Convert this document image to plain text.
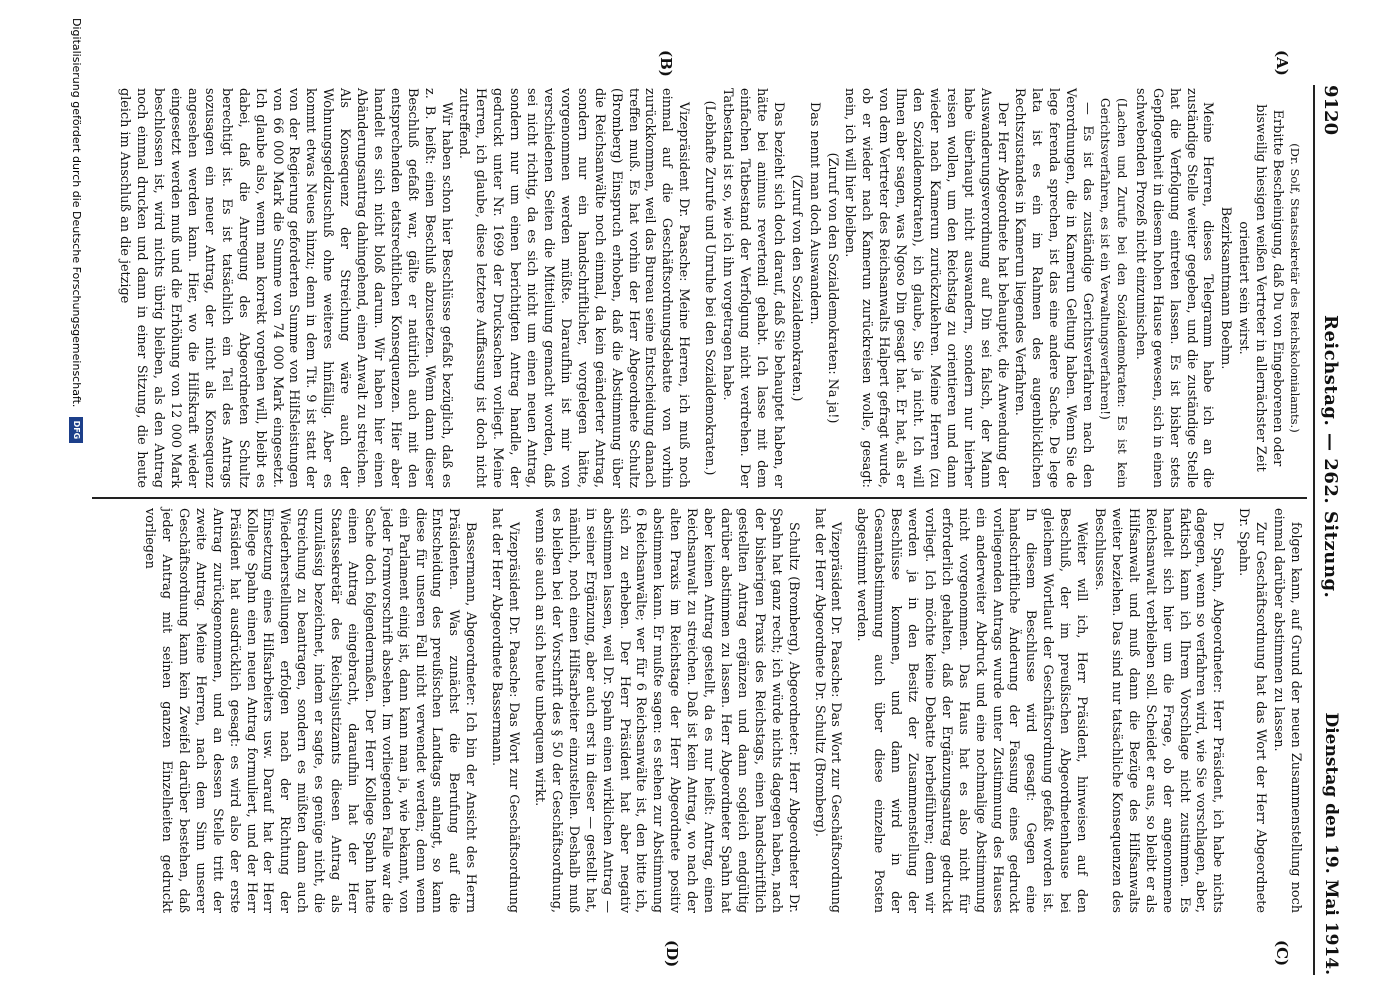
9120
Reichstag. — 262. Sitzung.
Dienstag den 19. Mai 1914.
(A)
(B)
(C)
(D)

(Dr. Solf, Staatssekretär des Reichskolonialamts.)

Erbitte Bescheinigung, daß Du von Eingeborenen oder bisweilig hiesigen weißen Vertreter in allernächster Zeit orientiert sein wirst.

Bezirksamtmann Boehm.

Meine Herren, dieses Telegramm habe ich an die zuständige Stelle weiter gegeben, und die zuständige Stelle hat die Verfolgung eintreten lassen. Es ist bisher stets Gepflogenheit in diesem hohen Hause gewesen, sich in einen schwebenden Prozeß nicht einzumischen.

(Lachen und Zurufe bei den Sozialdemokraten: Es ist kein Gerichtsverfahren, es ist ein Verwaltungsverfahren!)

— Es ist das zuständige Gerichtsverfahren nach den Verordnungen, die in Kamerun Geltung haben. Wenn Sie de lege ferenda sprechen, ist das eine andere Sache. De lege lata ist es ein im Rahmen des augenblicklichen Rechtszustandes in Kamerun liegendes Verfahren.

Der Herr Abgeordnete hat behauptet, die Anwendung der Auswanderungsverordnung auf Din sei falsch, der Mann habe überhaupt nicht auswandern, sondern nur hierher reisen wollen, um den Reichstag zu orientieren und dann wieder nach Kamerun zurückzukehren. Meine Herren (zu den Sozialdemokraten), ich glaube, Sie ja nicht. Ich will Ihnen aber sagen, was Ngoso Din gesagt hat. Er hat, als er von dem Vertreter des Reichsanwalts Halpert gefragt wurde, ob er wieder nach Kamerun zurückreisen wolle, gesagt: nein, ich will hier bleiben.

(Zuruf von den Sozialdemokraten: Na ja!)

Das nennt man doch Auswandern.

(Zuruf von den Sozialdemokraten.)

Das bezieht sich doch darauf, daß Sie behauptet haben, er hätte bei animus revertendi gehabt. Ich lasse mit dem einfachen Tatbestand der Verfolgung nicht verdrehen. Der Tatbestand ist so, wie ich ihn vorgetragen habe.

(Lebhafte Zurufe und Unruhe bei den Sozialdemokraten.)

Vizepräsident Dr. Paasche: Meine Herren, ich muß noch einmal auf die Geschäftsordnungsdebatte von vorhin zurückkommen, weil das Bureau seine Entscheidung danach treffen muß. Es hat vorhin der Herr Abgeordnete Schultz (Bromberg) Einspruch erhoben, daß die Abstimmung über die Reichsanwälte noch einmal, da kein geänderter Antrag, sondern nur ein handschriftlicher, vorgelegen hätte, vorgenommen werden müßte. Daraufhin ist mir von verschiedenen Seiten die Mitteilung gemacht worden, daß sei nicht richtig, da es sich nicht um einen neuen Antrag, sondern nur um einen berichtigten Antrag handle, der gedruckt unter Nr. 1699 der Drucksachen vorliegt. Meine Herren, ich glaube, diese letztere Auffassung ist doch nicht zutreffend.

Wir haben schon hier Beschlüsse gefaßt bezüglich, daß es z. B. heißt: einen Beschluß abzusetzen. Wenn dann dieser Beschluß gefaßt war, gälte er natürlich auch mit den entsprechenden etatsrechtlichen Konsequenzen. Hier aber handelt es sich nicht bloß darum. Wir haben hier einen Abänderungsantrag dahingehend, einen Anwalt zu streichen. Als Konsequenz der Streichung wäre auch der Wohnungsgeldzuschuß ohne weiteres hinfällig. Aber es kommt etwas Neues hinzu; denn in dem Tit. 9 ist statt der von der Regierung geforderten Summe von Hilfsleistungen von 66 000 Mark die Summe von 74 000 Mark eingesetzt. Ich glaube also, wenn man korrekt vorgehen will, bleibt es dabei, daß die Anregung des Abgeordneten Schultz berechtigt ist. Es ist tatsächlich ein Teil des Antrags sozusagen ein neuer Antrag, der nicht als Konsequenz angesehen werden kann. Hier, wo die Hilfskraft wieder eingesetzt werden muß und die Erhöhung von 12 000 Mark beschlossen ist, wird nichts übrig bleiben, als den Antrag noch einmal drucken und dann in einer Sitzung, die heute gleich im Anschluß an die jetzige

folgen kann, auf Grund der neuen Zusammenstellung noch einmal darüber abstimmen zu lassen.

Zur Geschäftsordnung hat das Wort der Herr Abgeordnete Dr. Spahn.

Dr. Spahn, Abgeordneter: Herr Präsident, ich habe nichts dagegen, wenn so verfahren wird, wie Sie vorschlagen, aber, faktisch kann ich Ihrem Vorschlage nicht zustimmen. Es handelt sich hier um die Frage, ob der angenommene Reichsanwalt verbleiben soll. Scheidet er aus, so bleibt er als Hilfsanwalt und muß dann die Bezüge des Hilfsanwalts weiter beziehen. Das sind nur tatsächliche Konsequenzen des Beschlusses.

Weiter will ich, Herr Präsident, hinweisen auf den Beschluß, der im preußischen Abgeordnetenhause bei gleichem Wortlaut der Geschäftsordnung gefaßt worden ist. In diesem Beschlusse wird gesagt: Gegen eine handschriftliche Änderung der Fassung eines gedruckt vorliegenden Antrags wurde unter Zustimmung des Hauses ein anderweiter Abdruck und eine nochmalige Abstimmung nicht vorgenommen. Das Haus hat es also nicht für erforderlich gehalten, daß der Ergänzungsantrag gedruckt vorliegt. Ich möchte keine Debatte herbeiführen; denn wir werden ja in den Besitz der Zusammenstellung der Beschlüsse kommen, und dann wird in der Gesamtabstimmung auch über diese einzelne Posten abgestimmt werden.

Vizepräsident Dr. Paasche: Das Wort zur Geschäftsordnung hat der Herr Abgeordnete Dr. Schultz (Bromberg).

Schultz (Bromberg), Abgeordneter: Herr Abgeordneter Dr. Spahn hat ganz recht; ich würde nichts dagegen haben, nach der bisherigen Praxis des Reichstags, einen handschriftlich gestellten Antrag ergänzen und dann sogleich endgültig darüber abstimmen zu lassen. Herr Abgeordneter Spahn hat aber keinen Antrag gestellt, da es nur heißt: Antrag, einen Reichsanwalt zu streichen. Daß ist kein Antrag, wo nach der alten Praxis im Reichstage der Herr Abgeordnete positiv abstimmen kann. Er mußte sagen: es stehen zur Abstimmung 6 Reichsanwälte; wer für 6 Reichsanwälte ist, den bitte ich, sich zu erheben. Der Herr Präsident hat aber negativ abstimmen lassen, weil Dr. Spahn einen wirklichen Antrag — in seiner Ergänzung, aber auch erst in dieser — gestellt hat, nämlich, noch einen Hilfsarbeiter einzustellen. Deshalb muß es bleiben bei der Vorschrift des § 50 der Geschäftsordnung, wenn sie auch an sich heute unbequem wirkt.

Vizepräsident Dr. Paasche: Das Wort zur Geschäftsordnung hat der Herr Abgeordnete Bassermann.

Bassermann, Abgeordneter: Ich bin der Ansicht des Herrn Präsidenten. Was zunächst die Berufung auf die Entscheidung des preußischen Landtags anlangt, so kann diese für unseren Fall nicht verwendet werden; denn wenn ein Parlament einig ist, dann kann man ja, wie bekannt, von jeder Formvorschrift absehen. Im vorliegenden Falle war die Sache doch folgendermaßen. Der Herr Kollege Spahn hatte einen Antrag eingebracht, daraufhin hat der Herr Staatssekretär des Reichsjustizamts diesen Antrag als unzulässig bezeichnet, indem er sagte, es genüge nicht, die Streichung zu beantragen, sondern es müßten dann auch Wiederherstellungen erfolgen nach der Richtung der Einsetzung eines Hilfsarbeiters usw. Darauf hat der Herr Kollege Spahn einen neuen Antrag formuliert, und der Herr Präsident hat ausdrücklich gesagt: es wird also der erste Antrag zurückgenommen, und an dessen Stelle tritt der zweite Antrag. Meine Herren, nach dem Sinn unserer Geschäftsordnung kann kein Zweifel darüber bestehen, daß jeder Antrag mit seinen ganzen Einzelheiten gedruckt vorliegen

Digitalisierung gefördert durch die Deutsche Forschungsgemeinschaft. DFG
